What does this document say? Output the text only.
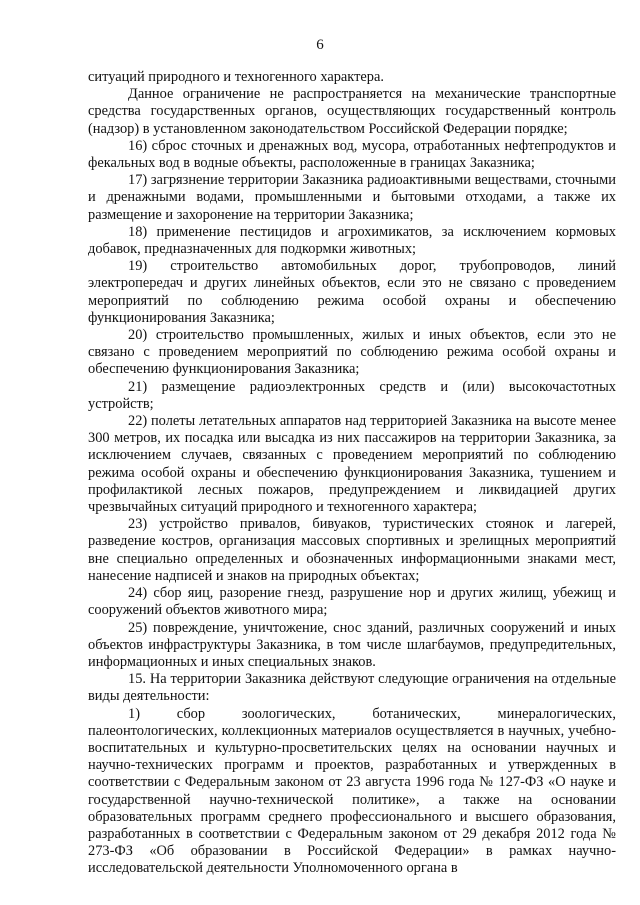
6

ситуаций природного и техногенного характера.

Данное ограничение не распространяется на механические транспортные средства государственных органов, осуществляющих государственный контроль (надзор) в установленном законодательством Российской Федерации порядке;

16) сброс сточных и дренажных вод, мусора, отработанных нефтепродуктов и фекальных вод в водные объекты, расположенные в границах Заказника;

17) загрязнение территории Заказника радиоактивными веществами, сточными и дренажными водами, промышленными и бытовыми отходами, а также их размещение и захоронение на территории Заказника;

18) применение пестицидов и агрохимикатов, за исключением кормовых добавок, предназначенных для подкормки животных;

19) строительство автомобильных дорог, трубопроводов, линий электропередач и других линейных объектов, если это не связано с проведением мероприятий по соблюдению режима особой охраны и обеспечению функционирования Заказника;

20) строительство промышленных, жилых и иных объектов, если это не связано с проведением мероприятий по соблюдению режима особой охраны и обеспечению функционирования Заказника;

21) размещение радиоэлектронных средств и (или) высокочастотных устройств;

22) полеты летательных аппаратов над территорией Заказника на высоте менее 300 метров, их посадка или высадка из них пассажиров на территории Заказника, за исключением случаев, связанных с проведением мероприятий по соблюдению режима особой охраны и обеспечению функционирования Заказника, тушением и профилактикой лесных пожаров, предупреждением и ликвидацией других чрезвычайных ситуаций природного и техногенного характера;

23) устройство привалов, бивуаков, туристических стоянок и лагерей, разведение костров, организация массовых спортивных и зрелищных мероприятий вне специально определенных и обозначенных информационными знаками мест, нанесение надписей и знаков на природных объектах;

24) сбор яиц, разорение гнезд, разрушение нор и других жилищ, убежищ и сооружений объектов животного мира;

25) повреждение, уничтожение, снос зданий, различных сооружений и иных объектов инфраструктуры Заказника, в том числе шлагбаумов, предупредительных, информационных и иных специальных знаков.

15. На территории Заказника действуют следующие ограничения на отдельные виды деятельности:

1) сбор зоологических, ботанических, минералогических, палеонтологических, коллекционных материалов осуществляется в научных, учебно-воспитательных и культурно-просветительских целях на основании научных и научно-технических программ и проектов, разработанных и утвержденных в соответствии с Федеральным законом от 23 августа 1996 года № 127-ФЗ «О науке и государственной научно-технической политике», а также на основании образовательных программ среднего профессионального и высшего образования, разработанных в соответствии с Федеральным законом от 29 декабря 2012 года № 273-ФЗ «Об образовании в Российской Федерации» в рамках научно-исследовательской деятельности Уполномоченного органа в
